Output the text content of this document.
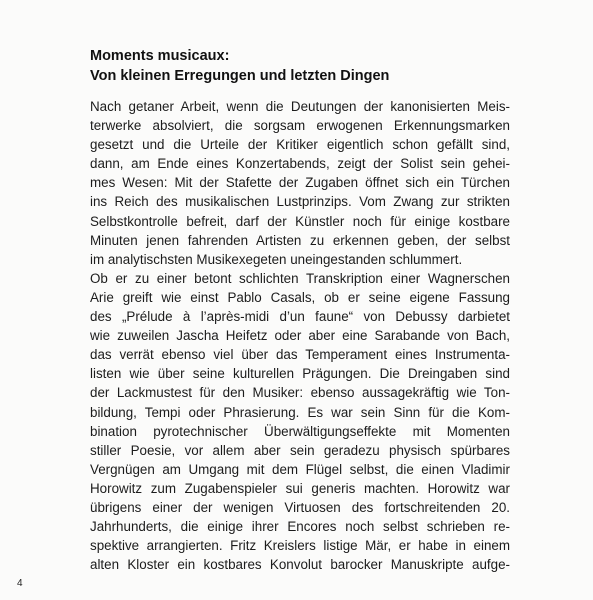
Moments musicaux:
Von kleinen Erregungen und letzten Dingen
Nach getaner Arbeit, wenn die Deutungen der kanonisierten Meis-
terwerke absolviert, die sorgsam erwogenen Erkennungsmarken
gesetzt und die Urteile der Kritiker eigentlich schon gefällt sind,
dann, am Ende eines Konzertabends, zeigt der Solist sein gehei-
mes Wesen: Mit der Stafette der Zugaben öffnet sich ein Türchen
ins Reich des musikalischen Lustprinzips. Vom Zwang zur strikten
Selbstkontrolle befreit, darf der Künstler noch für einige kostbare
Minuten jenen fahrenden Artisten zu erkennen geben, der selbst
im analytischsten Musikexegeten uneingestanden schlummert.
Ob er zu einer betont schlichten Transkription einer Wagnerschen
Arie greift wie einst Pablo Casals, ob er seine eigene Fassung
des „Prélude à l’après-midi d’un faune“ von Debussy darbietet
wie zuweilen Jascha Heifetz oder aber eine Sarabande von Bach,
das verrät ebenso viel über das Temperament eines Instrumenta-
listen wie über seine kulturellen Prägungen. Die Dreingaben sind
der Lackmustest für den Musiker: ebenso aussagekräftig wie Ton-
bildung, Tempi oder Phrasierung. Es war sein Sinn für die Kom-
bination pyrotechnischer Überwältigungseffekte mit Momenten
stiller Poesie, vor allem aber sein geradezu physisch spürbares
Vergnügen am Umgang mit dem Flügel selbst, die einen Vladimir
Horowitz zum Zugabenspieler sui generis machten. Horowitz war
übrigens einer der wenigen Virtuosen des fortschreitenden 20.
Jahrhunderts, die einige ihrer Encores noch selbst schrieben re-
spektive arrangierten. Fritz Kreislers listige Mär, er habe in einem
alten Kloster ein kostbares Konvolut barocker Manuskripte aufge-
4
